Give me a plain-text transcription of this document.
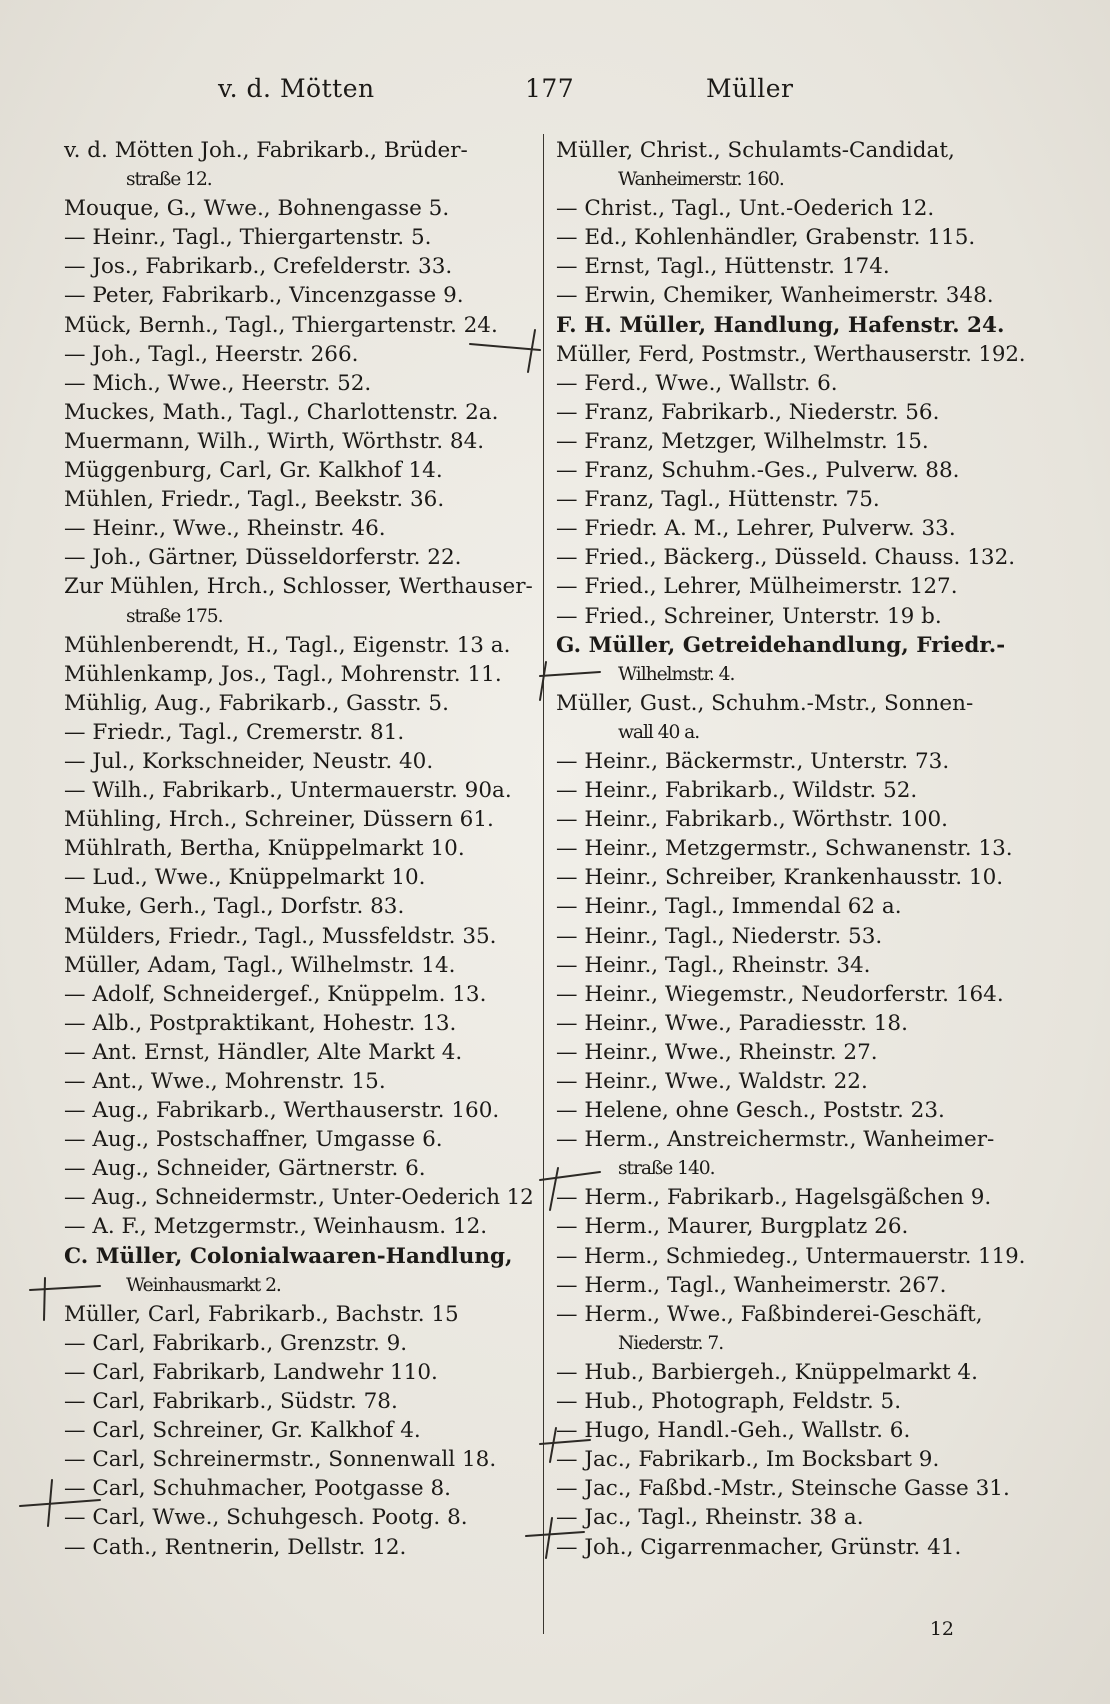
v. d. Mötten	177	Müller
v. d. Mötten Joh., Fabrikarb., Brüder-
straße 12.
Mouque, G., Wwe., Bohnengasse 5.
— Heinr., Tagl., Thiergartenstr. 5.
— Jos., Fabrikarb., Crefelderstr. 33.
— Peter, Fabrikarb., Vincenzgasse 9.
Mück, Bernh., Tagl., Thiergartenstr. 24.
— Joh., Tagl., Heerstr. 266.
— Mich., Wwe., Heerstr. 52.
Muckes, Math., Tagl., Charlottenstr. 2a.
Muermann, Wilh., Wirth, Wörthstr. 84.
Müggenburg, Carl, Gr. Kalkhof 14.
Mühlen, Friedr., Tagl., Beekstr. 36.
— Heinr., Wwe., Rheinstr. 46.
— Joh., Gärtner, Düsseldorferstr. 22.
Zur Mühlen, Hrch., Schlosser, Werthauser-
straße 175.
Mühlenberendt, H., Tagl., Eigenstr. 13 a.
Mühlenkamp, Jos., Tagl., Mohrenstr. 11.
Mühlig, Aug., Fabrikarb., Gasstr. 5.
— Friedr., Tagl., Cremerstr. 81.
— Jul., Korkschneider, Neustr. 40.
— Wilh., Fabrikarb., Untermauerstr. 90a.
Mühling, Hrch., Schreiner, Düssern 61.
Mühlrath, Bertha, Knüppelmarkt 10.
— Lud., Wwe., Knüppelmarkt 10.
Muke, Gerh., Tagl., Dorfstr. 83.
Mülders, Friedr., Tagl., Mussfeldstr. 35.
Müller, Adam, Tagl., Wilhelmstr. 14.
— Adolf, Schneidergef., Knüppelm. 13.
— Alb., Postpraktikant, Hohestr. 13.
— Ant. Ernst, Händler, Alte Markt 4.
— Ant., Wwe., Mohrenstr. 15.
— Aug., Fabrikarb., Werthauserstr. 160.
— Aug., Postschaffner, Umgasse 6.
— Aug., Schneider, Gärtnerstr. 6.
— Aug., Schneidermstr., Unter-Oederich 12
— A. F., Metzgermstr., Weinhausm. 12.
C. Müller, Colonialwaaren-Handlung,
Weinhausmarkt 2.
Müller, Carl, Fabrikarb., Bachstr. 15
— Carl, Fabrikarb., Grenzstr. 9.
— Carl, Fabrikarb, Landwehr 110.
— Carl, Fabrikarb., Südstr. 78.
— Carl, Schreiner, Gr. Kalkhof 4.
— Carl, Schreinermstr., Sonnenwall 18.
— Carl, Schuhmacher, Pootgasse 8.
— Carl, Wwe., Schuhgesch. Pootg. 8.
— Cath., Rentnerin, Dellstr. 12.
Müller, Christ., Schulamts-Candidat,
Wanheimerstr. 160.
— Christ., Tagl., Unt.-Oederich 12.
— Ed., Kohlenhändler, Grabenstr. 115.
— Ernst, Tagl., Hüttenstr. 174.
— Erwin, Chemiker, Wanheimerstr. 348.
F. H. Müller, Handlung, Hafenstr. 24.
Müller, Ferd, Postmstr., Werthauserstr. 192.
— Ferd., Wwe., Wallstr. 6.
— Franz, Fabrikarb., Niederstr. 56.
— Franz, Metzger, Wilhelmstr. 15.
— Franz, Schuhm.-Ges., Pulverw. 88.
— Franz, Tagl., Hüttenstr. 75.
— Friedr. A. M., Lehrer, Pulverw. 33.
— Fried., Bäckerg., Düsseld. Chauss. 132.
— Fried., Lehrer, Mülheimerstr. 127.
— Fried., Schreiner, Unterstr. 19 b.
G. Müller, Getreidehandlung, Friedr.-
Wilhelmstr. 4.
Müller, Gust., Schuhm.-Mstr., Sonnen-
wall 40 a.
— Heinr., Bäckermstr., Unterstr. 73.
— Heinr., Fabrikarb., Wildstr. 52.
— Heinr., Fabrikarb., Wörthstr. 100.
— Heinr., Metzgermstr., Schwanenstr. 13.
— Heinr., Schreiber, Krankenhausstr. 10.
— Heinr., Tagl., Immendal 62 a.
— Heinr., Tagl., Niederstr. 53.
— Heinr., Tagl., Rheinstr. 34.
— Heinr., Wiegemstr., Neudorferstr. 164.
— Heinr., Wwe., Paradiesstr. 18.
— Heinr., Wwe., Rheinstr. 27.
— Heinr., Wwe., Waldstr. 22.
— Helene, ohne Gesch., Poststr. 23.
— Herm., Anstreichermstr., Wanheimer-
straße 140.
— Herm., Fabrikarb., Hagelsgäßchen 9.
— Herm., Maurer, Burgplatz 26.
— Herm., Schmiedeg., Untermauerstr. 119.
— Herm., Tagl., Wanheimerstr. 267.
— Herm., Wwe., Faßbinderei-Geschäft,
Niederstr. 7.
— Hub., Barbiergeh., Knüppelmarkt 4.
— Hub., Photograph, Feldstr. 5.
— Hugo, Handl.-Geh., Wallstr. 6.
— Jac., Fabrikarb., Im Bocksbart 9.
— Jac., Faßbd.-Mstr., Steinsche Gasse 31.
— Jac., Tagl., Rheinstr. 38 a.
— Joh., Cigarrenmacher, Grünstr. 41.
12
